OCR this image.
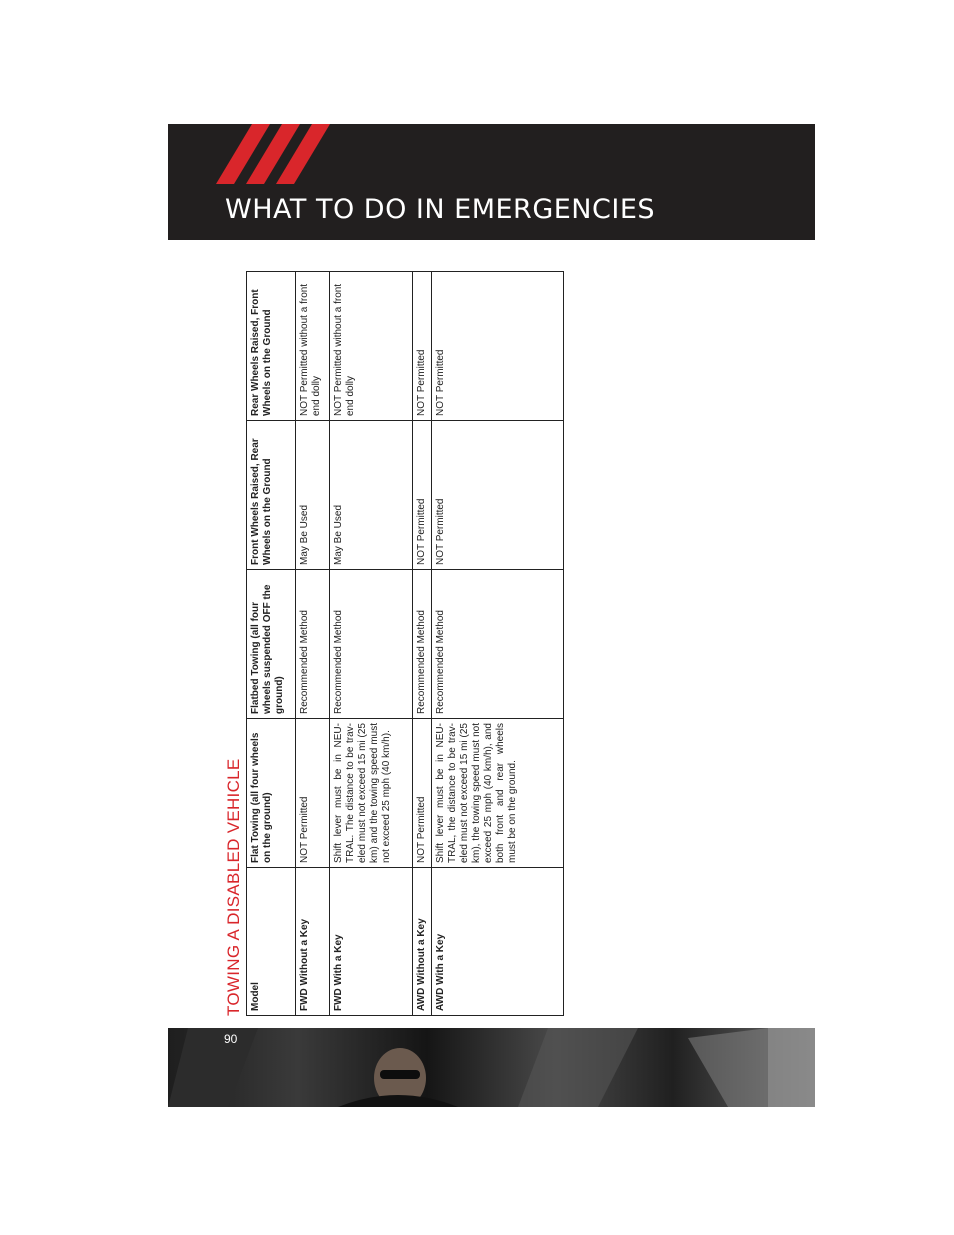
WHAT TO DO IN EMERGENCIES
TOWING A DISABLED VEHICLE Model	Flat Towing (all four wheels on the ground)	Flatbed Towing (all four wheels suspended OFF the ground)	Front Wheels Raised, Rear Wheels on the Ground	Rear Wheels Raised, Front Wheels on the Ground
FWD Without a Key	NOT Permitted	Recommended Method	May Be Used	NOT Permitted without a front end dolly
FWD With a Key	Shift lever must be in NEU-TRAL. The distance to be trav-eled must not exceed 15 mi (25 km) and the towing speed must not exceed 25 mph (40 km/h).	Recommended Method	May Be Used	NOT Permitted without a front end dolly
AWD Without a Key	NOT Permitted	Recommended Method	NOT Permitted	NOT Permitted
AWD With a Key	Shift lever must be in NEU-TRAL, the distance to be trav-eled must not exceed 15 mi (25 km), the towing speed must not exceed 25 mph (40 km/h), and both front and rear wheels must be on the ground.	Recommended Method	NOT Permitted	NOT Permitted
90
